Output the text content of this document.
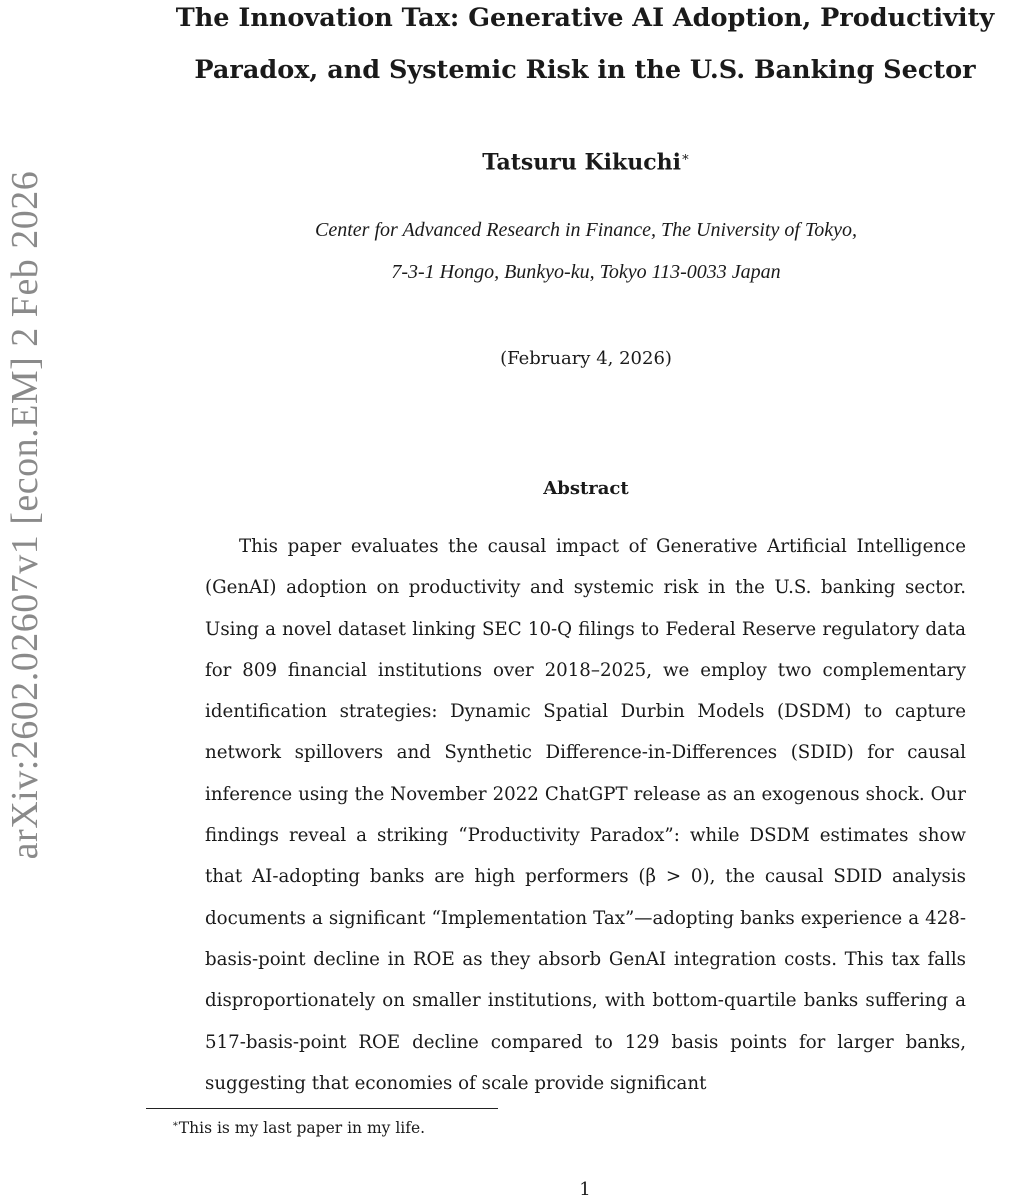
arXiv:2602.02607v1 [econ.EM] 2 Feb 2026
The Innovation Tax: Generative AI Adoption, Productivity Paradox, and Systemic Risk in the U.S. Banking Sector
Tatsuru Kikuchi∗
Center for Advanced Research in Finance, The University of Tokyo,
7-3-1 Hongo, Bunkyo-ku, Tokyo 113-0033 Japan
(February 4, 2026)
Abstract

This paper evaluates the causal impact of Generative Artificial Intelligence (GenAI) adoption on productivity and systemic risk in the U.S. banking sector. Using a novel dataset linking SEC 10-Q filings to Federal Reserve regulatory data for 809 financial institutions over 2018–2025, we employ two complementary identification strategies: Dynamic Spatial Durbin Models (DSDM) to capture network spillovers and Synthetic Difference-in-Differences (SDID) for causal inference using the November 2022 ChatGPT release as an exogenous shock. Our findings reveal a striking “Productivity Paradox”: while DSDM estimates show that AI-adopting banks are high performers (β > 0), the causal SDID analysis documents a significant “Implementation Tax”—adopting banks experience a 428-basis-point decline in ROE as they absorb GenAI integration costs. This tax falls disproportionately on smaller institutions, with bottom-quartile banks suffering a 517-basis-point ROE decline compared to 129 basis points for larger banks, suggesting that economies of scale provide significant

∗This is my last paper in my life.
1
